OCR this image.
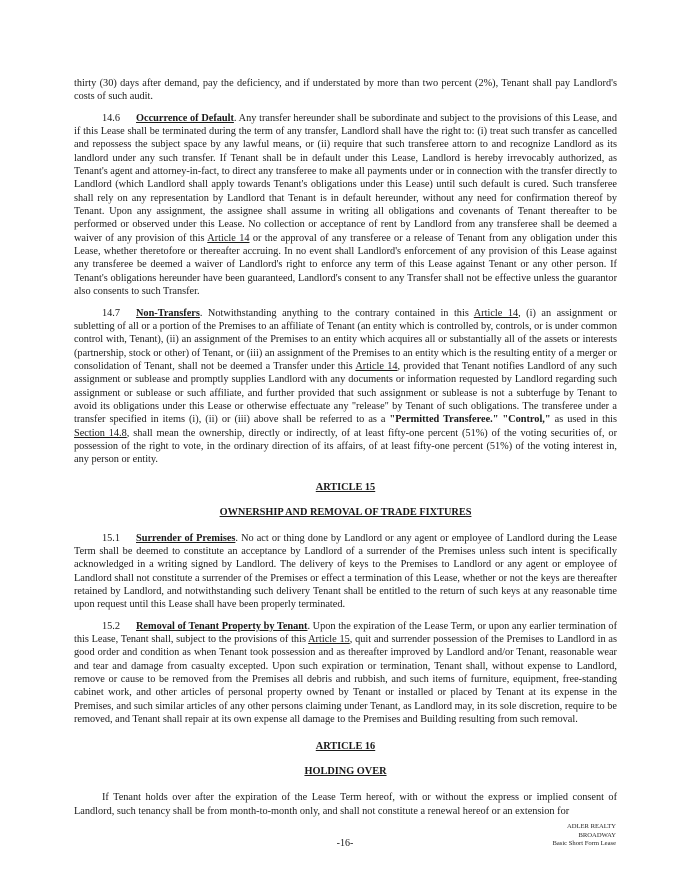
thirty (30) days after demand, pay the deficiency, and if understated by more than two percent (2%), Tenant shall pay Landlord's costs of such audit.

14.6 Occurrence of Default. Any transfer hereunder shall be subordinate and subject to the provisions of this Lease, and if this Lease shall be terminated during the term of any transfer, Landlord shall have the right to: (i) treat such transfer as cancelled and repossess the subject space by any lawful means, or (ii) require that such transferee attorn to and recognize Landlord as its landlord under any such transfer. If Tenant shall be in default under this Lease, Landlord is hereby irrevocably authorized, as Tenant's agent and attorney-in-fact, to direct any transferee to make all payments under or in connection with the transfer directly to Landlord (which Landlord shall apply towards Tenant's obligations under this Lease) until such default is cured. Such transferee shall rely on any representation by Landlord that Tenant is in default hereunder, without any need for confirmation thereof by Tenant. Upon any assignment, the assignee shall assume in writing all obligations and covenants of Tenant thereafter to be performed or observed under this Lease. No collection or acceptance of rent by Landlord from any transferee shall be deemed a waiver of any provision of this Article 14 or the approval of any transferee or a release of Tenant from any obligation under this Lease, whether theretofore or thereafter accruing. In no event shall Landlord's enforcement of any provision of this Lease against any transferee be deemed a waiver of Landlord's right to enforce any term of this Lease against Tenant or any other person. If Tenant's obligations hereunder have been guaranteed, Landlord's consent to any Transfer shall not be effective unless the guarantor also consents to such Transfer.

14.7 Non-Transfers. Notwithstanding anything to the contrary contained in this Article 14, (i) an assignment or subletting of all or a portion of the Premises to an affiliate of Tenant (an entity which is controlled by, controls, or is under common control with, Tenant), (ii) an assignment of the Premises to an entity which acquires all or substantially all of the assets or interests (partnership, stock or other) of Tenant, or (iii) an assignment of the Premises to an entity which is the resulting entity of a merger or consolidation of Tenant, shall not be deemed a Transfer under this Article 14, provided that Tenant notifies Landlord of any such assignment or sublease and promptly supplies Landlord with any documents or information requested by Landlord regarding such assignment or sublease or such affiliate, and further provided that such assignment or sublease is not a subterfuge by Tenant to avoid its obligations under this Lease or otherwise effectuate any "release" by Tenant of such obligations. The transferee under a transfer specified in items (i), (ii) or (iii) above shall be referred to as a "Permitted Transferee." "Control," as used in this Section 14.8, shall mean the ownership, directly or indirectly, of at least fifty-one percent (51%) of the voting securities of, or possession of the right to vote, in the ordinary direction of its affairs, of at least fifty-one percent (51%) of the voting interest in, any person or entity.

ARTICLE 15

OWNERSHIP AND REMOVAL OF TRADE FIXTURES

15.1 Surrender of Premises. No act or thing done by Landlord or any agent or employee of Landlord during the Lease Term shall be deemed to constitute an acceptance by Landlord of a surrender of the Premises unless such intent is specifically acknowledged in a writing signed by Landlord. The delivery of keys to the Premises to Landlord or any agent or employee of Landlord shall not constitute a surrender of the Premises or effect a termination of this Lease, whether or not the keys are thereafter retained by Landlord, and notwithstanding such delivery Tenant shall be entitled to the return of such keys at any reasonable time upon request until this Lease shall have been properly terminated.

15.2 Removal of Tenant Property by Tenant. Upon the expiration of the Lease Term, or upon any earlier termination of this Lease, Tenant shall, subject to the provisions of this Article 15, quit and surrender possession of the Premises to Landlord in as good order and condition as when Tenant took possession and as thereafter improved by Landlord and/or Tenant, reasonable wear and tear and damage from casualty excepted. Upon such expiration or termination, Tenant shall, without expense to Landlord, remove or cause to be removed from the Premises all debris and rubbish, and such items of furniture, equipment, free-standing cabinet work, and other articles of personal property owned by Tenant or installed or placed by Tenant at its expense in the Premises, and such similar articles of any other persons claiming under Tenant, as Landlord may, in its sole discretion, require to be removed, and Tenant shall repair at its own expense all damage to the Premises and Building resulting from such removal.

ARTICLE 16

HOLDING OVER

If Tenant holds over after the expiration of the Lease Term hereof, with or without the express or implied consent of Landlord, such tenancy shall be from month-to-month only, and shall not constitute a renewal hereof or an extension for

-16-
ADLER REALTY
BROADWAY
Basic Short Form Lease
